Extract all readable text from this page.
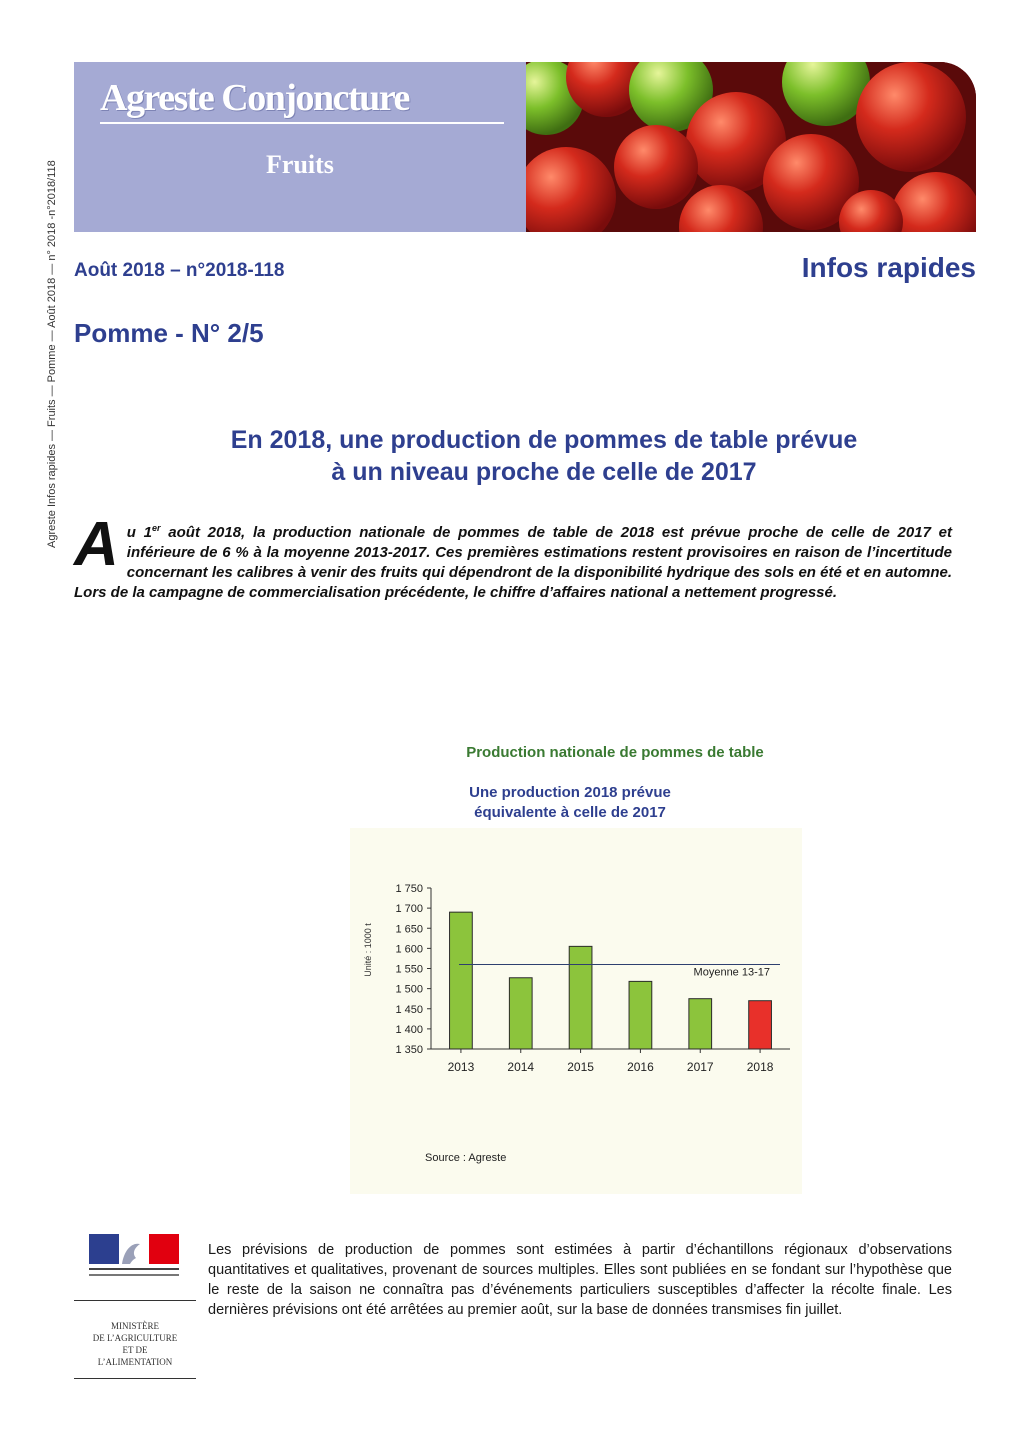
Agreste Infos rapides — Fruits — Pomme — Août 2018 — n° 2018 -n°2018/118
Agreste Conjoncture
Fruits
Août 2018 – n°2018-118	Infos rapides
Pomme - N° 2/5
En 2018, une production de pommes de table prévue
à un niveau proche de celle de 2017
Au 1er août 2018, la production nationale de pommes de table de 2018 est prévue proche de celle de 2017 et inférieure de 6 % à la moyenne 2013-2017. Ces premières estimations restent provisoires en raison de l’incertitude concernant les calibres à venir des fruits qui dépendront de la disponibilité hydrique des sols en été et en automne. Lors de la campagne de commercialisation précédente, le chiffre d’affaires national a nettement progressé.
Production nationale de pommes de table
Une production 2018 prévue
équivalente à celle de 2017
1 350
1 400
1 450
1 500
1 550
1 600
1 650
1 700
1 750
2013	2014	2015	2016	2017	2018
Moyenne 13-17
Unité : 1000 t
Source : Agreste
MINISTÈRE
DE L’AGRICULTURE
ET DE
L’ALIMENTATION
Les prévisions de production de pommes sont estimées à partir d’échantillons régionaux d’observations quantitatives et qualitatives, provenant de sources multiples. Elles sont publiées en se fondant sur l’hypothèse que le reste de la saison ne connaîtra pas d’événements particuliers susceptibles d’affecter la récolte finale. Les dernières prévisions ont été arrêtées au premier août, sur la base de données transmises fin juillet.
